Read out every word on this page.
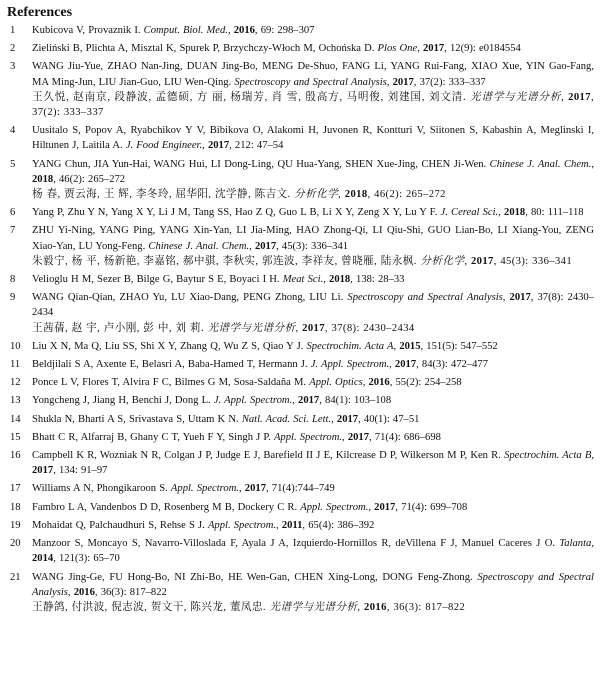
References
1	Kubicova V, Provaznik I. Comput. Biol. Med., 2016, 69: 298–307
2	Zieliński B, Plichta A, Misztal K, Spurek P, Brzychczy-Włoch M, Ochońska D. Plos One, 2017, 12(9): e0184554
3	WANG Jiu-Yue, ZHAO Nan-Jing, DUAN Jing-Bo, MENG De-Shuo, FANG Li, YANG Rui-Fang, XIAO Xue, YIN Gao-Fang, MA Ming-Jun, LIU Jian-Guo, LIU Wen-Qing. Spectroscopy and Spectral Analysis, 2017, 37(2): 333–337
王久悦, 赵南京, 段静波, 孟德硕, 方 丽, 杨瑞芳, 肖 雪, 殷高方, 马明俊, 刘建国, 刘文清. 光谱学与光谱分析, 2017, 37(2): 333–337
4	Uusitalo S, Popov A, Ryabchikov Y V, Bibikova O, Alakomi H, Juvonen R, Kontturi V, Siitonen S, Kabashin A, Meglinski I, Hiltunen J, Laitila A. J. Food Engineer., 2017, 212: 47–54
5	YANG Chun, JIA Yun-Hai, WANG Hui, LI Dong-Ling, QU Hua-Yang, SHEN Xue-Jing, CHEN Ji-Wen. Chinese J. Anal. Chem., 2018, 46(2): 265–272
杨 春, 贾云海, 王 辉, 李冬玲, 屈华阳, 沈学静, 陈吉文. 分析化学, 2018, 46(2): 265–272
6	Yang P, Zhu Y N, Yang X Y, Li J M, Tang SS, Hao Z Q, Guo L B, Li X Y, Zeng X Y, Lu Y F. J. Cereal Sci., 2018, 80: 111–118
7	ZHU Yi-Ning, YANG Ping, YANG Xin-Yan, LI Jia-Ming, HAO Zhong-Qi, LI Qiu-Shi, GUO Lian-Bo, LI Xiang-You, ZENG Xiao-Yan, LU Yong-Feng. Chinese J. Anal. Chem., 2017, 45(3): 336–341
朱毅宁, 杨 平, 杨新艳, 李嘉铭, 郝中骐, 李秋实, 郭连波, 李祥友, 曾晓雁, 陆永枫. 分析化学, 2017, 45(3): 336–341
8	Velioglu H M, Sezer B, Bilge G, Baytur S E, Boyaci I H. Meat Sci., 2018, 138: 28–33
9	WANG Qian-Qian, ZHAO Yu, LU Xiao-Dang, PENG Zhong, LIU Li. Spectroscopy and Spectral Analysis, 2017, 37(8): 2430–2434
王茜蒨, 赵 宇, 卢小刚, 彭 中, 刘 莉. 光谱学与光谱分析, 2017, 37(8): 2430–2434
10	Liu X N, Ma Q, Liu SS, Shi X Y, Zhang Q, Wu Z S, Qiao Y J. Spectrochim. Acta A, 2015, 151(5): 547–552
11	Beldjilali S A, Axente E, Belasri A, Baba-Hamed T, Hermann J. J. Appl. Spectrom., 2017, 84(3): 472–477
12	Ponce L V, Flores T, Alvira F C, Bilmes G M, Sosa-Saldaña M. Appl. Optics, 2016, 55(2): 254–258
13	Yongcheng J, Jiang H, Benchi J, Dong L. J. Appl. Spectrom., 2017, 84(1): 103–108
14	Shukla N, Bharti A S, Srivastava S, Uttam K N. Natl. Acad. Sci. Lett., 2017, 40(1): 47–51
15	Bhatt C R, Alfarraj B, Ghany C T, Yueh F Y, Singh J P. Appl. Spectrom., 2017, 71(4): 686–698
16	Campbell K R, Wozniak N R, Colgan J P, Judge E J, Barefield II J E, Kilcrease D P, Wilkerson M P, Ken R. Spectrochim. Acta B, 2017, 134: 91–97
17	Williams A N, Phongikaroon S. Appl. Spectrom., 2017, 71(4):744–749
18	Fambro L A, Vandenbos D D, Rosenberg M B, Dockery C R. Appl. Spectrom., 2017, 71(4): 699–708
19	Mohaidat Q, Palchaudhuri S, Rehse S J. Appl. Spectrom., 2011, 65(4): 386–392
20	Manzoor S, Moncayo S, Navarro-Villoslada F, Ayala J A, Izquierdo-Hornillos R, deVillena F J, Manuel Caceres J O. Talanta, 2014, 121(3): 65–70
21	WANG Jing-Ge, FU Hong-Bo, NI Zhi-Bo, HE Wen-Gan, CHEN Xing-Long, DONG Feng-Zhong. Spectroscopy and Spectral Analysis, 2016, 36(3): 817–822
王静鸽, 付洪波, 倪志波, 贺文干, 陈兴龙, 董凤忠. 光谱学与光谱分析, 2016, 36(3): 817–822
